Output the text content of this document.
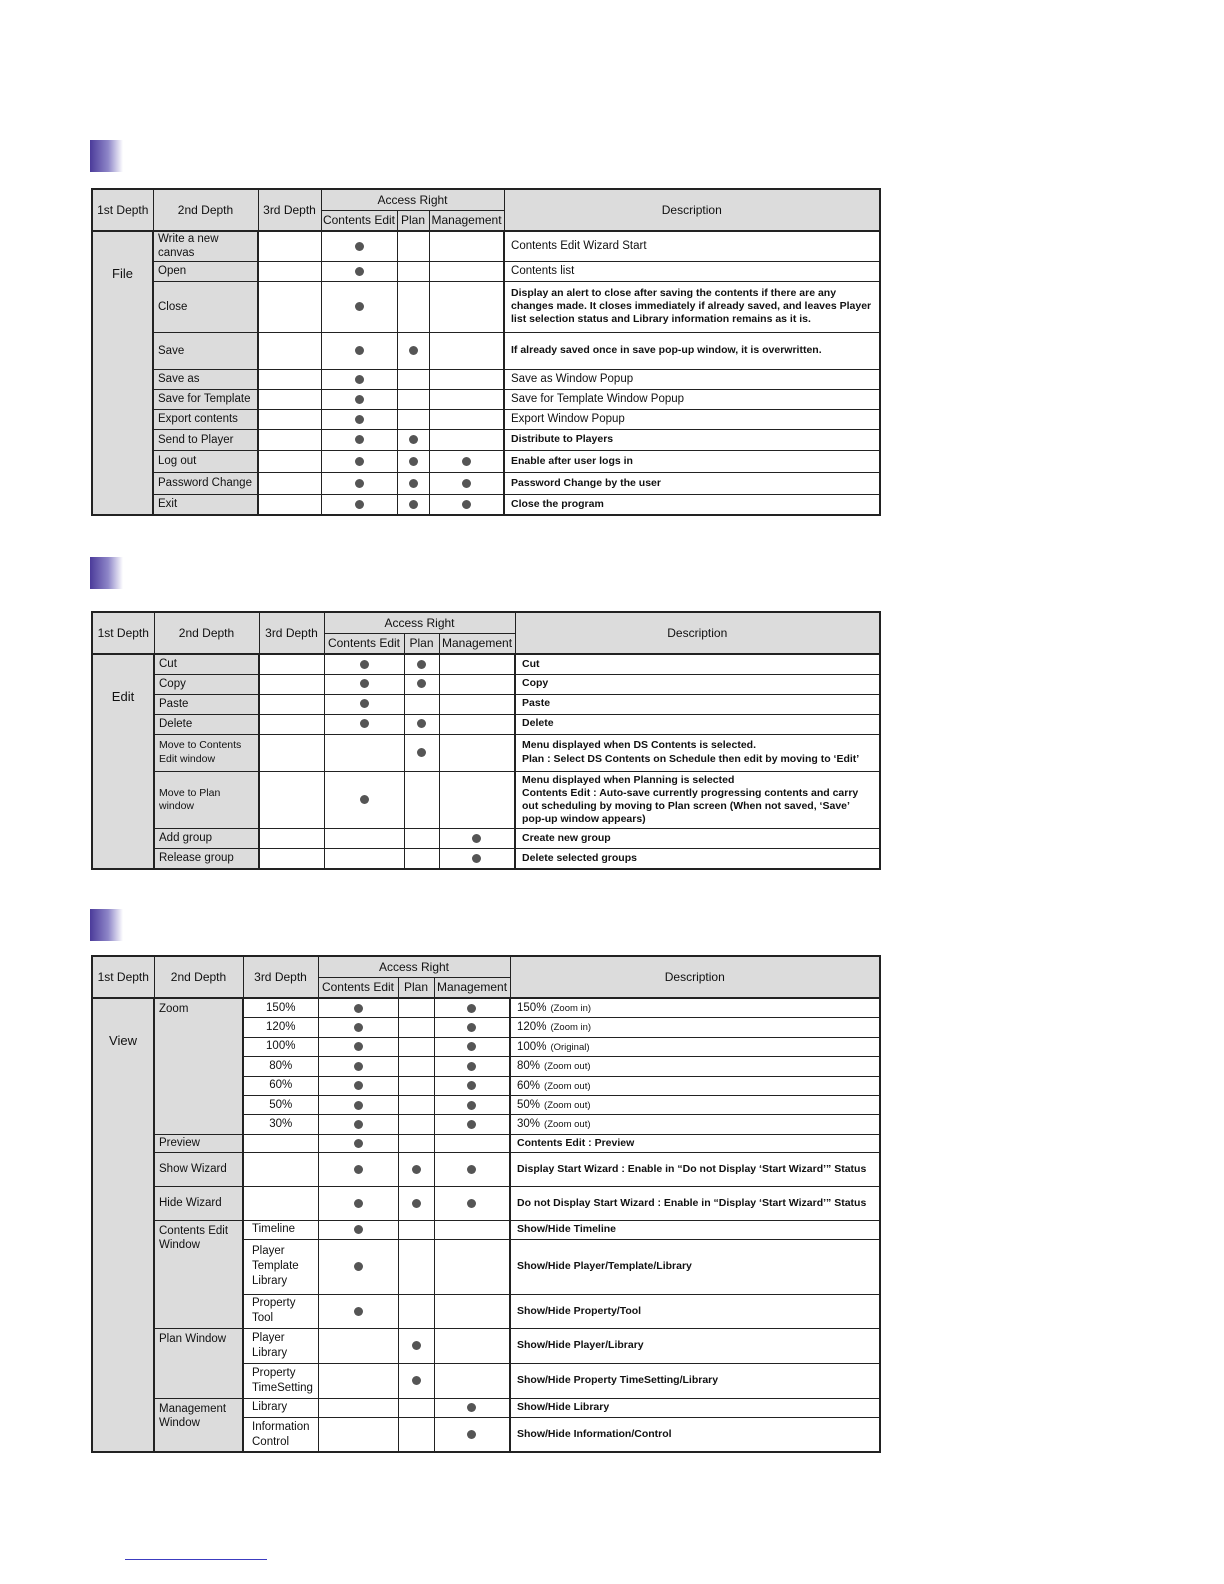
1st Depth	2nd Depth	3rd Depth	Access Right			Description
			Contents Edit	Plan	Management	

File	Write a new canvas					Contents Edit Wizard Start

	Open					Contents list

	Close					Display an alert to close after saving the contents if there are any changes made. It closes immediately if already saved, and leaves Player list selection status and Library information remains as it is.

	Save					If already saved once in save pop-up window, it is overwritten.

	Save as					Save as Window Popup

	Save for Template					Save for Template Window Popup

	Export contents					Export Window Popup

	Send to Player					Distribute to Players

	Log out					Enable after user logs in

	Password Change					Password Change by the user

	Exit					Close the program
1st Depth	2nd Depth	3rd Depth	Access Right			Description
			Contents Edit	Plan	Management	

Edit	Cut					Cut

	Copy					Copy

	Paste					Paste

	Delete					Delete

	Move to Contents
Edit window					Menu displayed when DS Contents is selected.
Plan : Select DS Contents on Schedule then edit by moving to ‘Edit’

	Move to Plan
window					Menu displayed when Planning is selected
Contents Edit : Auto-save currently progressing contents and carry out scheduling by moving to Plan screen (When not saved, ‘Save’ pop-up window appears)

	Add group					Create new group

	Release group					Delete selected groups
1st Depth	2nd Depth	3rd Depth	Access Right			Description
			Contents Edit	Plan	Management	

View	Zoom	150%				150% (Zoom in)
		120%				120% (Zoom in)
		100%				100% (Original)
		80%				80% (Zoom out)
		60%				60% (Zoom out)
		50%				50% (Zoom out)
		30%				30% (Zoom out)

	Preview					Contents Edit : Preview

	Show Wizard					Display Start Wizard : Enable in “Do not Display ‘Start Wizard’” Status

	Hide Wizard					Do not Display Start Wizard : Enable in “Display ‘Start Wizard’” Status

	Contents Edit
Window	Timeline				Show/Hide Timeline

		Player
Template
Library				Show/Hide Player/Template/Library

		Property
Tool				Show/Hide Property/Tool

	Plan Window	Player
Library				Show/Hide Player/Library

		Property
TimeSetting				Show/Hide Property TimeSetting/Library

	Management
Window	Library				Show/Hide Library

		Information
Control				Show/Hide Information/Control
